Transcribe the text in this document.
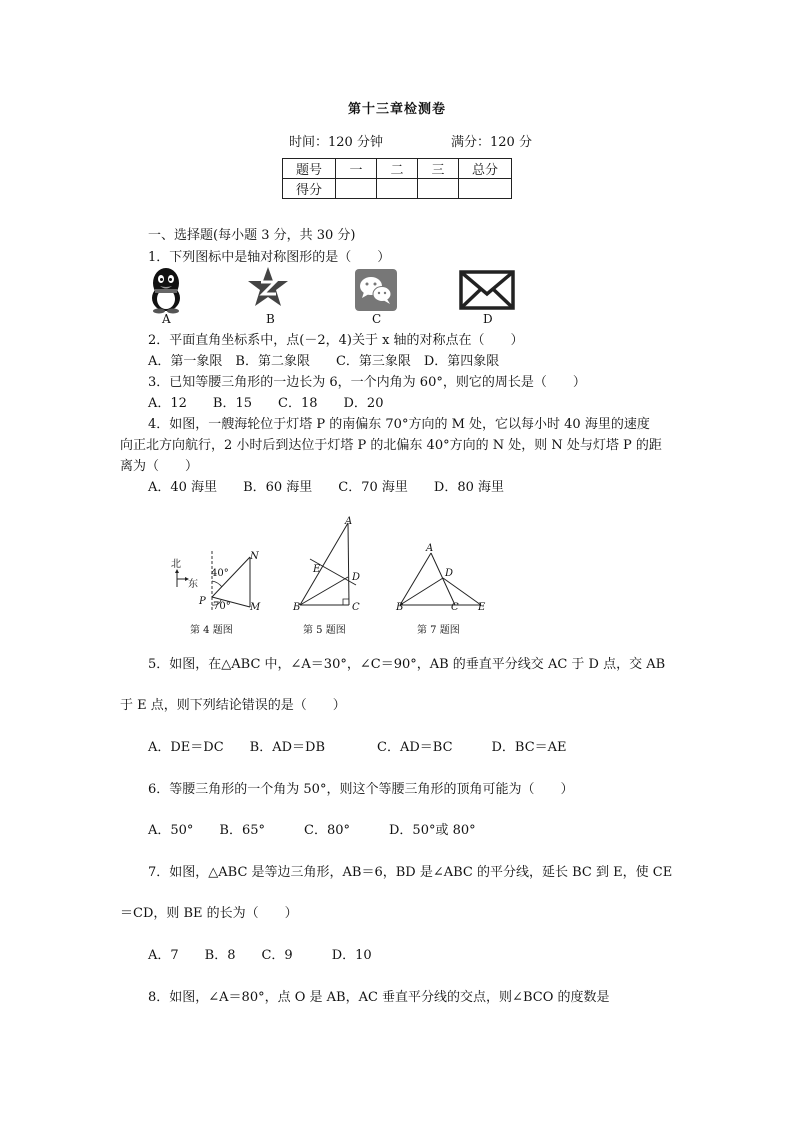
第十三章检测卷
时间：120 分钟	满分：120 分
题号	一	二	三	总分
得分				
一、选择题(每小题 3 分，共 30 分)
1．下列图标中是轴对称图形的是（　　）
A	B	C	D
2．平面直角坐标系中，点(－2，4)关于 x 轴的对称点在（　　）
A．第一象限　B．第二象限　　C．第三象限　D．第四象限
3．已知等腰三角形的一边长为 6，一个内角为 60°，则它的周长是（　　）
A．12　　B．15　　C．18　　D．20
4．如图，一艘海轮位于灯塔 P 的南偏东 70°方向的 M 处，它以每小时 40 海里的速度
向正北方向航行，2 小时后到达位于灯塔 P 的北偏东 40°方向的 N 处，则 N 处与灯塔 P 的距
离为（　　）
A．40 海里　　B．60 海里　　C．70 海里　　D．80 海里
北
东
40°
70°
N
P
M
第 4 题图
A
E
D
B	C
第 5 题图
A
D
B	C E
第 7 题图
5．如图，在△ABC 中，∠A＝30°，∠C＝90°，AB 的垂直平分线交 AC 于 D 点，交 AB
于 E 点，则下列结论错误的是（　　）
A．DE＝DC　　B．AD＝DB　　　　C．AD＝BC　　　D．BC＝AE
6．等腰三角形的一个角为 50°，则这个等腰三角形的顶角可能为（　　）
A．50°　　B．65°　　　C．80°　　　D．50°或 80°
7．如图，△ABC 是等边三角形，AB＝6，BD 是∠ABC 的平分线，延长 BC 到 E，使 CE
＝CD，则 BE 的长为（　　）
A．7　　B．8　　C．9　　　D．10
8．如图，∠A＝80°，点 O 是 AB，AC 垂直平分线的交点，则∠BCO 的度数是
